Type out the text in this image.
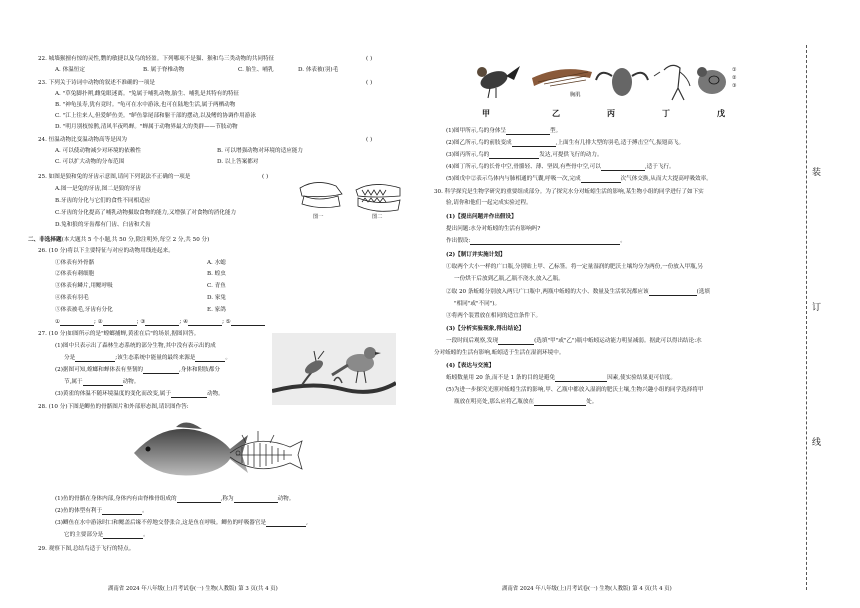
22. 城墙猴擅有惊的灵性,鹦的敏捷以及鸟的轻盈。下列哪项不是猫、猴和鸟三类动物的共同特征	( )
A. 体温恒定	B. 属于脊椎动物	C. 胎生、哺乳	D. 体表被(羽)毛
23. 下列关于诗词中动物的叙述不准确的一项是	( )
A. "草兔脚扑朔,雌兔眼迷离。"兔属于哺乳动物,胎生、哺乳是其特有的特征
B. "神龟虽寿,犹有竟时。"龟可在水中游泳,也可在陆地生活,属于两栖动物
C. "江上往来人,但爱鲈鱼美。"鲈鱼靠尾部和躯干部的摆动,以及鳍的协调作用游泳
D. "明月别枝惊鹊,清风半夜鸣蝉。"蝉属于动物界最大的类群——节肢动物
24. 恒温动物比变温动物高等是因为	( )
A. 可以使动物减少对环境的依赖性	B. 可以增强动物对环境的适应能力
C. 可以扩大动物的分布范围	D. 以上答案都对
25. 如图是狼和兔的牙齿示意图,请问下列说法不正确的一项是	( )
A.图一是兔的牙齿,图二是狼的牙齿
B.牙齿的分化与它们的食性不同相适应
C.牙齿的分化提高了哺乳动物摄取食物的能力,又增强了对食物的消化能力
D.兔和狼的牙齿都有门齿、臼齿和犬齿
图一	图二
二、非选择题(本大题共 5 个小题,共 50 分,除注明外,每空 2 分,共 50 分)
26. (10 分)将以下主要特征与对应的动物用线连起来。
①体表有外骨骼
②体表有刺细胞
③体表有鳞片,用鳃呼吸
④体表有羽毛
⑤体表被毛,牙齿有分化
A. 水螅
B. 蝗虫
C. 青鱼
D. 家兔
E. 家鸽
①	; ②	; ③	; ④	; ⑤
27. (10 分)如图所示的是"螳螂捕蝉,黄雀在后"的场景,据图回答。
(1)图中只表示出了森林生态系统的部分生物,其中没有表示出的成
分是	;该生态系统中能量的最终来源是	。
(2)据图可知,螳螂和蝉体表有坚韧的	,身体和附肢都分
节,属于	动物。
(3)黄雀的体温不随环境温度的变化而改变,属于	动物。
28. (10 分)下图是鲫鱼的骨骼图片和外部形态图,请识图作答:
(1)鱼的骨骼在身体内部,身体内有由脊椎骨组成的	,称为	动物。
(2)鱼的体型有利于	。
(3)鲫鱼在水中游泳时口和鳃盖后缘不停地交替张合,这是鱼在呼吸。鲫鱼的呼吸器官是	,
它的主要部分是	。
29. 观察下图,总结鸟适于飞行的特点。
湖南省 2024 年八年级(上)月考试卷(一) 生物(人教版) 第 3 页(共 4 页)
胸肌
①
②
③
甲	乙	丙	丁	戊
(1)图甲所示,鸟的身体呈	型。
(2)图乙所示,鸟的前肢变成	,上面生有几排大型的羽毛,适于搏击空气,振翅高飞。
(3)图丙所示,鸟的	发达,可提供飞行的动力。
(4)图丁所示,鸟的长骨中空,骨骼轻、薄、坚固,有些骨中空,可以	,适于飞行。
(5)图戊中②表示鸟体内与肺相通的气囊,呼吸一次,完成	次气体交换,从而大大提高呼吸效率。
30. 科学探究是生物学研究的重要组成部分。为了探究水分对蚯蚓生活的影响,某生物小组的同学进行了如下实
验,请你和他们一起完成实验过程。
(1)【提出问题并作出假设】
提出问题:水分对蚯蚓的生活有影响吗?
作出假设:	。
(2)【制订并实施计划】
①取两个大小一样的广口瓶,分别贴上甲、乙标签。将一定量湿润的肥沃土壤均分为两份,一份放入甲瓶,另
一份烘干后放到乙瓶,乙瓶不浇水,放入乙瓶。
②取 20 条蚯蚓分别放入两只广口瓶中,两瓶中蚯蚓的大小、数量及生活状况都应该	(选填
"相同"或"不同")。
③将两个装置放在相同的适宜条件下。
(3)【分析实验现象,得出结论】
一段时间后观察,发现	(选填"甲"或"乙")瓶中蚯蚓运动能力明显减弱。据此可以得出结论:水
分对蚯蚓的生活有影响,蚯蚓适于生活在湿润环境中。
(4)【表达与交流】
蚯蚓数量用 20 条,而不是 1 条的目的是避免	因素,使实验结果更可信度。
(5)为进一步探究光照对蚯蚓生活的影响,甲、乙瓶中都放入湿润的肥沃土壤,生物兴趣小组的同学选择将甲
瓶放在明亮处,那么应将乙瓶放在	处。
湖南省 2024 年八年级(上)月考试卷(一) 生物(人教版) 第 4 页(共 4 页)
装
订
线
